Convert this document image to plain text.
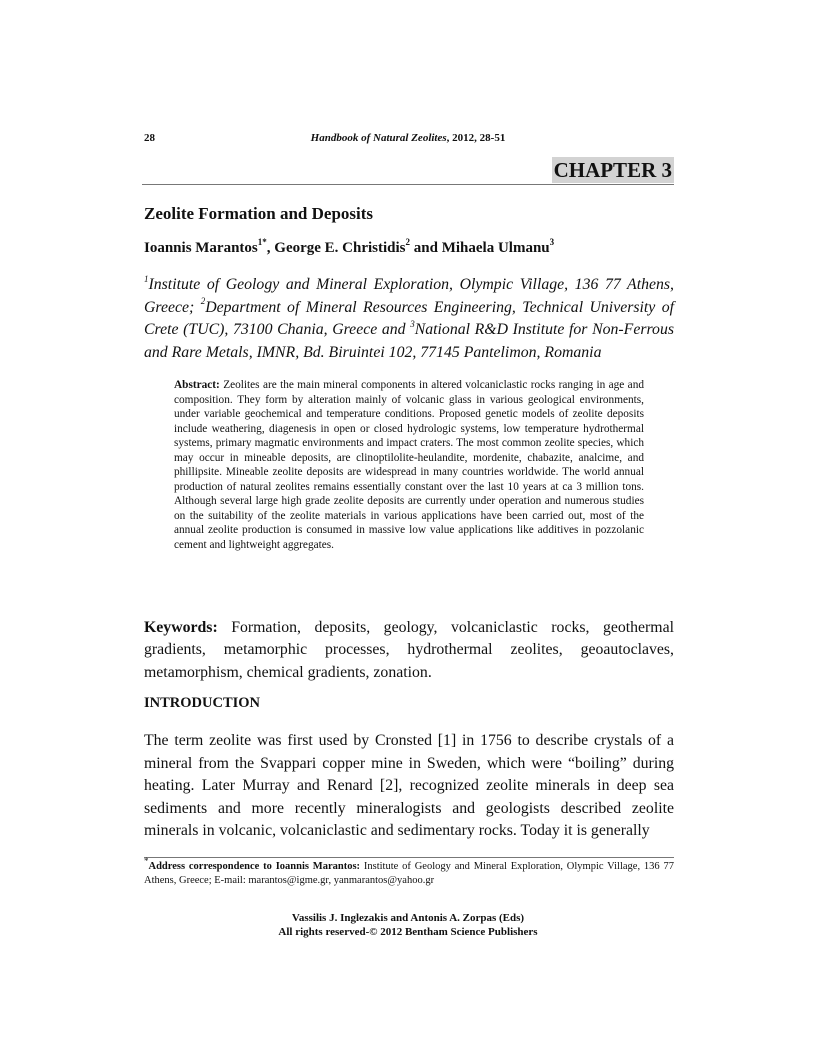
28	Handbook of Natural Zeolites, 2012, 28-51
CHAPTER 3
Zeolite Formation and Deposits
Ioannis Marantos$^{1*}$, George E. Christidis$^2$ and Mihaela Ulmanu$^3$
$^1$Institute of Geology and Mineral Exploration, Olympic Village, 136 77 Athens, Greece; $^2$Department of Mineral Resources Engineering, Technical University of Crete (TUC), 73100 Chania, Greece and $^3$National R&D Institute for Non-Ferrous and Rare Metals, IMNR, Bd. Biruintei 102, 77145 Pantelimon, Romania
Abstract: Zeolites are the main mineral components in altered volcaniclastic rocks ranging in age and composition. They form by alteration mainly of volcanic glass in various geological environments, under variable geochemical and temperature conditions. Proposed genetic models of zeolite deposits include weathering, diagenesis in open or closed hydrologic systems, low temperature hydrothermal systems, primary magmatic environments and impact craters. The most common zeolite species, which may occur in mineable deposits, are clinoptilolite-heulandite, mordenite, chabazite, analcime, and phillipsite. Mineable zeolite deposits are widespread in many countries worldwide. The world annual production of natural zeolites remains essentially constant over the last 10 years at ca 3 million tons. Although several large high grade zeolite deposits are currently under operation and numerous studies on the suitability of the zeolite materials in various applications have been carried out, most of the annual zeolite production is consumed in massive low value applications like additives in pozzolanic cement and lightweight aggregates.
Keywords: Formation, deposits, geology, volcaniclastic rocks, geothermal gradients, metamorphic processes, hydrothermal zeolites, geoautoclaves, metamorphism, chemical gradients, zonation.
INTRODUCTION
The term zeolite was first used by Cronsted [1] in 1756 to describe crystals of a mineral from the Svappari copper mine in Sweden, which were “boiling” during heating. Later Murray and Renard [2], recognized zeolite minerals in deep sea sediments and more recently mineralogists and geologists described zeolite minerals in volcanic, volcaniclastic and sedimentary rocks. Today it is generally
*Address correspondence to Ioannis Marantos: Institute of Geology and Mineral Exploration, Olympic Village, 136 77 Athens, Greece; E-mail: marantos@igme.gr, yanmarantos@yahoo.gr
Vassilis J. Inglezakis and Antonis A. Zorpas (Eds)
All rights reserved-© 2012 Bentham Science Publishers
